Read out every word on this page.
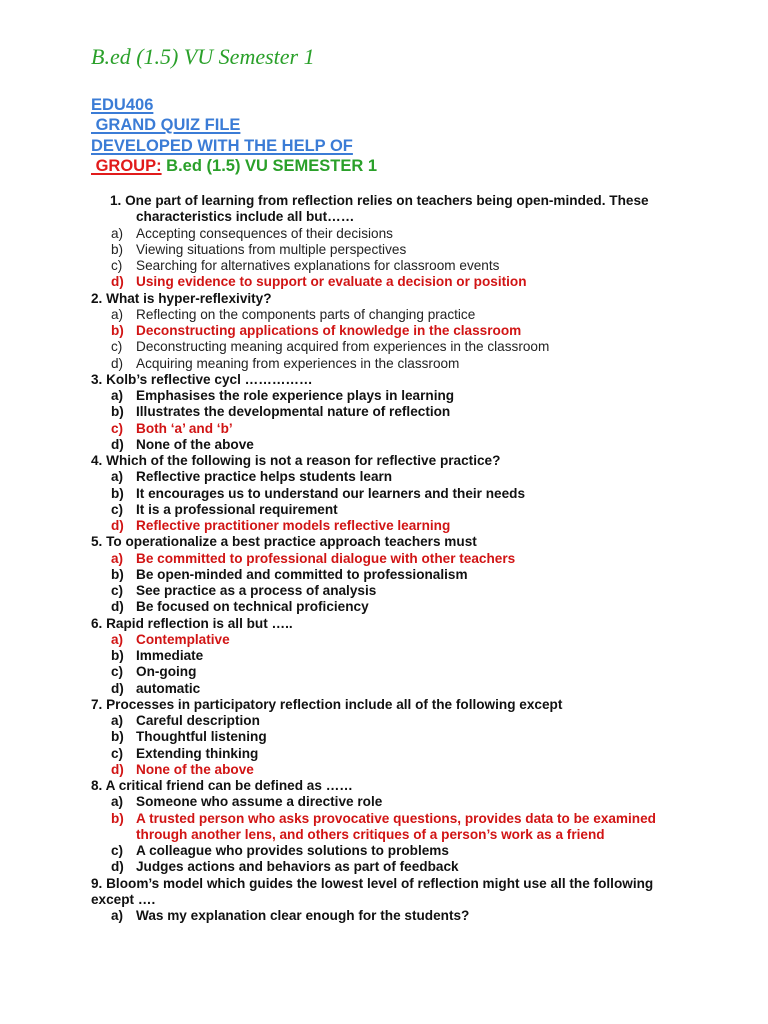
B.ed (1.5) VU Semester 1
EDU406
GRAND QUIZ FILE
DEVELOPED WITH THE HELP OF
GROUP: B.ed (1.5) VU SEMESTER 1
1. One part of learning from reflection relies on teachers being open-minded. These
characteristics include all but……
a) Accepting consequences of their decisions
b) Viewing situations from multiple perspectives
c) Searching for alternatives explanations for classroom events
d) Using evidence to support or evaluate a decision or position
2. What is hyper-reflexivity?
a) Reflecting on the components parts of changing practice
b) Deconstructing applications of knowledge in the classroom
c) Deconstructing meaning acquired from experiences in the classroom
d) Acquiring meaning from experiences in the classroom
3. Kolb’s reflective cycl ……………
a) Emphasises the role experience plays in learning
b) Illustrates the developmental nature of reflection
c) Both ‘a’ and ‘b’
d) None of the above
4. Which of the following is not a reason for reflective practice?
a) Reflective practice helps students learn
b) It encourages us to understand our learners and their needs
c) It is a professional requirement
d) Reflective practitioner models reflective learning
5. To operationalize a best practice approach teachers must
a) Be committed to professional dialogue with other teachers
b) Be open-minded and committed to professionalism
c) See practice as a process of analysis
d) Be focused on technical proficiency
6. Rapid reflection is all but …..
a) Contemplative
b) Immediate
c) On-going
d) automatic
7. Processes in participatory reflection include all of the following except
a) Careful description
b) Thoughtful listening
c) Extending thinking
d) None of the above
8. A critical friend can be defined as ……
a) Someone who assume a directive role
b) A trusted person who asks provocative questions, provides data to be examined
through another lens, and others critiques of a person’s work as a friend
c) A colleague who provides solutions to problems
d) Judges actions and behaviors as part of feedback
9. Bloom’s model which guides the lowest level of reflection might use all the following
except ….
a) Was my explanation clear enough for the students?
